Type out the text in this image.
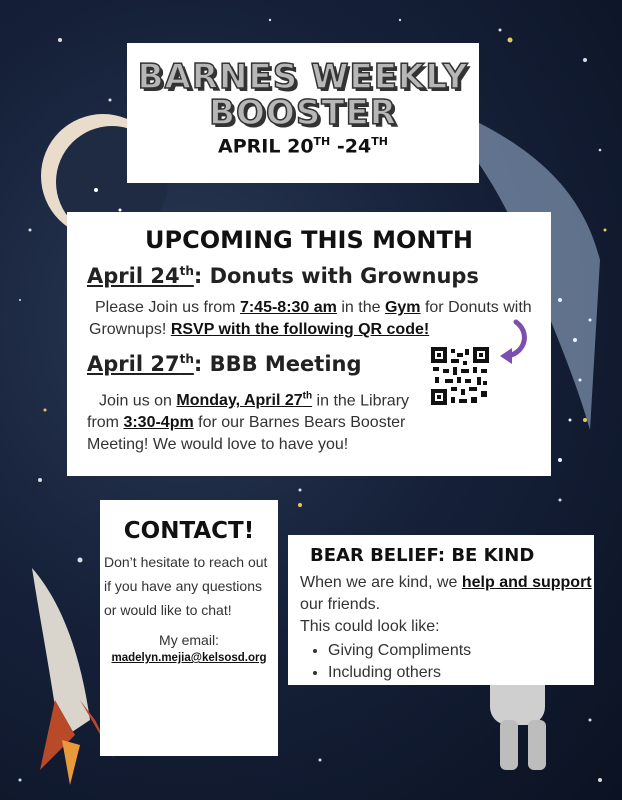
BARNES WEEKLY
BOOSTER
APRIL 20TH -24TH
UPCOMING THIS MONTH
April 24th: Donuts with Grownups
Please Join us from 7:45-8:30 am in the Gym for Donuts with Grownups! RSVP with the following QR code!
April 27th: BBB Meeting
Join us on Monday, April 27th in the Library from 3:30-4pm for our Barnes Bears Booster Meeting! We would love to have you!
CONTACT!
Don’t hesitate to reach out if you have any questions or would like to chat!
My email:
madelyn.mejia@kelsosd.org
BEAR BELIEF: BE KIND
When we are kind, we help and support our friends.
This could look like:
• Giving Compliments
• Including others
